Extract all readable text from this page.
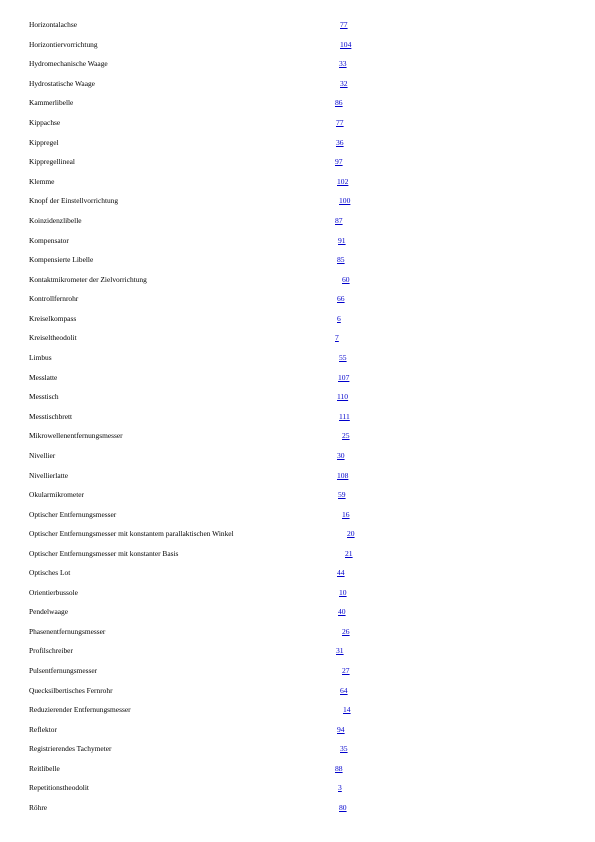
Horizontalachse	77
Horizontiervorrichtung	104
Hydromechanische Waage	33
Hydrostatische Waage	32
Kammerlibelle	86
Kippachse	77
Kippregel	36
Kippregellineal	97
Klemme	102
Knopf der Einstellvorrichtung	100
Koinzidenzlibelle	87
Kompensator	91
Kompensierte Libelle	85
Kontaktmikrometer der Zielvorrichtung	60
Kontrollfernrohr	66
Kreiselkompass	6
Kreiseltheodolit	7
Limbus	55
Messlatte	107
Messtisch	110
Messtischbrett	111
Mikrowellenentfernungsmesser	25
Nivellier	30
Nivellierlatte	108
Okularmikrometer	59
Optischer Entfernungsmesser	16
Optischer Entfernungsmesser mit konstantem parallaktischen Winkel	20
Optischer Entfernungsmesser mit konstanter Basis	21
Optisches Lot	44
Orientierbussole	10
Pendelwaage	40
Phasenentfernungsmesser	26
Profilschreiber	31
Pulsentfernungsmesser	27
Quecksilbertisches Fernrohr	64
Reduzierender Entfernungsmesser	14
Reflektor	94
Registrierendes Tachymeter	35
Reitlibelle	88
Repetitionstheodolit	3
Röhre	80
